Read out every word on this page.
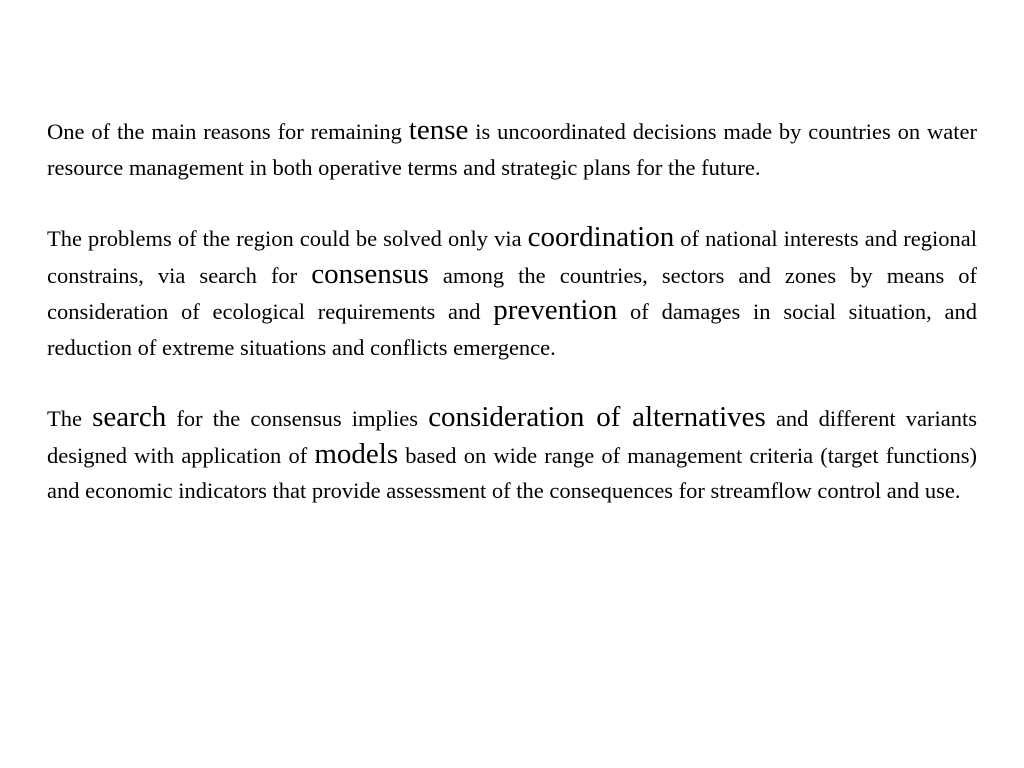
One of the main reasons for remaining tense is uncoordinated decisions made by countries on water resource management in both operative terms and strategic plans for the future.

The problems of the region could be solved only via coordination of national interests and regional constrains, via search for consensus among the countries, sectors and zones by means of consideration of ecological requirements and prevention of damages in social situation, and reduction of extreme situations and conflicts emergence.

The search for the consensus implies consideration of alternatives and different variants designed with application of models based on wide range of management criteria (target functions) and economic indicators that provide assessment of the consequences for streamflow control and use.
